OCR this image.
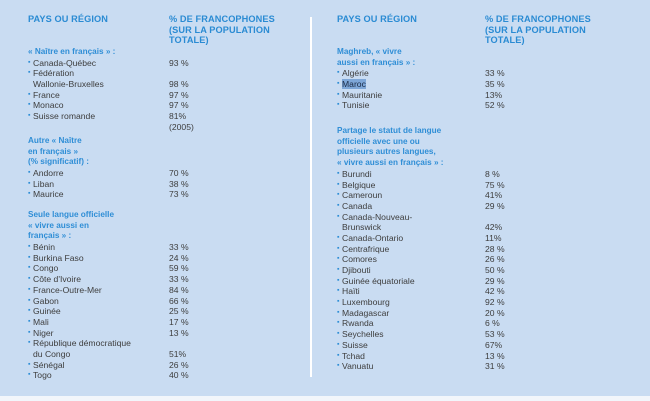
PAYS OU RÉGION	% DE FRANCOPHONES
(SUR LA POPULATION
TOTALE)
« Naître en français » :
▪ Canada-Québec	93 %
▪ Fédération
Wallonie-Bruxelles	98 %
▪ France	97 %
▪ Monaco	97 %
▪ Suisse romande	81% (2005)
Autre « Naître
en français »
(% significatif) :
▪ Andorre	70 %
▪ Liban	38 %
▪ Maurice	73 %
Seule langue officielle
« vivre aussi en
français » :
▪ Bénin	33 %
▪ Burkina Faso	24 %
▪ Congo	59 %
▪ Côte d'Ivoire	33 %
▪ France-Outre-Mer	84 %
▪ Gabon	66 %
▪ Guinée	25 %
▪ Mali	17 %
▪ Niger	13 %
▪ République démocratique
du Congo	51%
▪ Sénégal	26 %
▪ Togo	40 %
PAYS OU RÉGION	% DE FRANCOPHONES
(SUR LA POPULATION
TOTALE)
Maghreb, « vivre
aussi en français » :
▪ Algérie	33 %
▪ Maroc	35 %
▪ Mauritanie	13%
▪ Tunisie	52 %
Partage le statut de langue
officielle avec une ou
plusieurs autres langues,
« vivre aussi en français » :
▪ Burundi	8 %
▪ Belgique	75 %
▪ Cameroun	41%
▪ Canada	29 %
▪ Canada-Nouveau-
Brunswick	42%
▪ Canada-Ontario	11%
▪ Centrafrique	28 %
▪ Comores	26 %
▪ Djibouti	50 %
▪ Guinée équatoriale	29 %
▪ Haïti	42 %
▪ Luxembourg	92 %
▪ Madagascar	20 %
▪ Rwanda	6 %
▪ Seychelles	53 %
▪ Suisse	67%
▪ Tchad	13 %
▪ Vanuatu	31 %
